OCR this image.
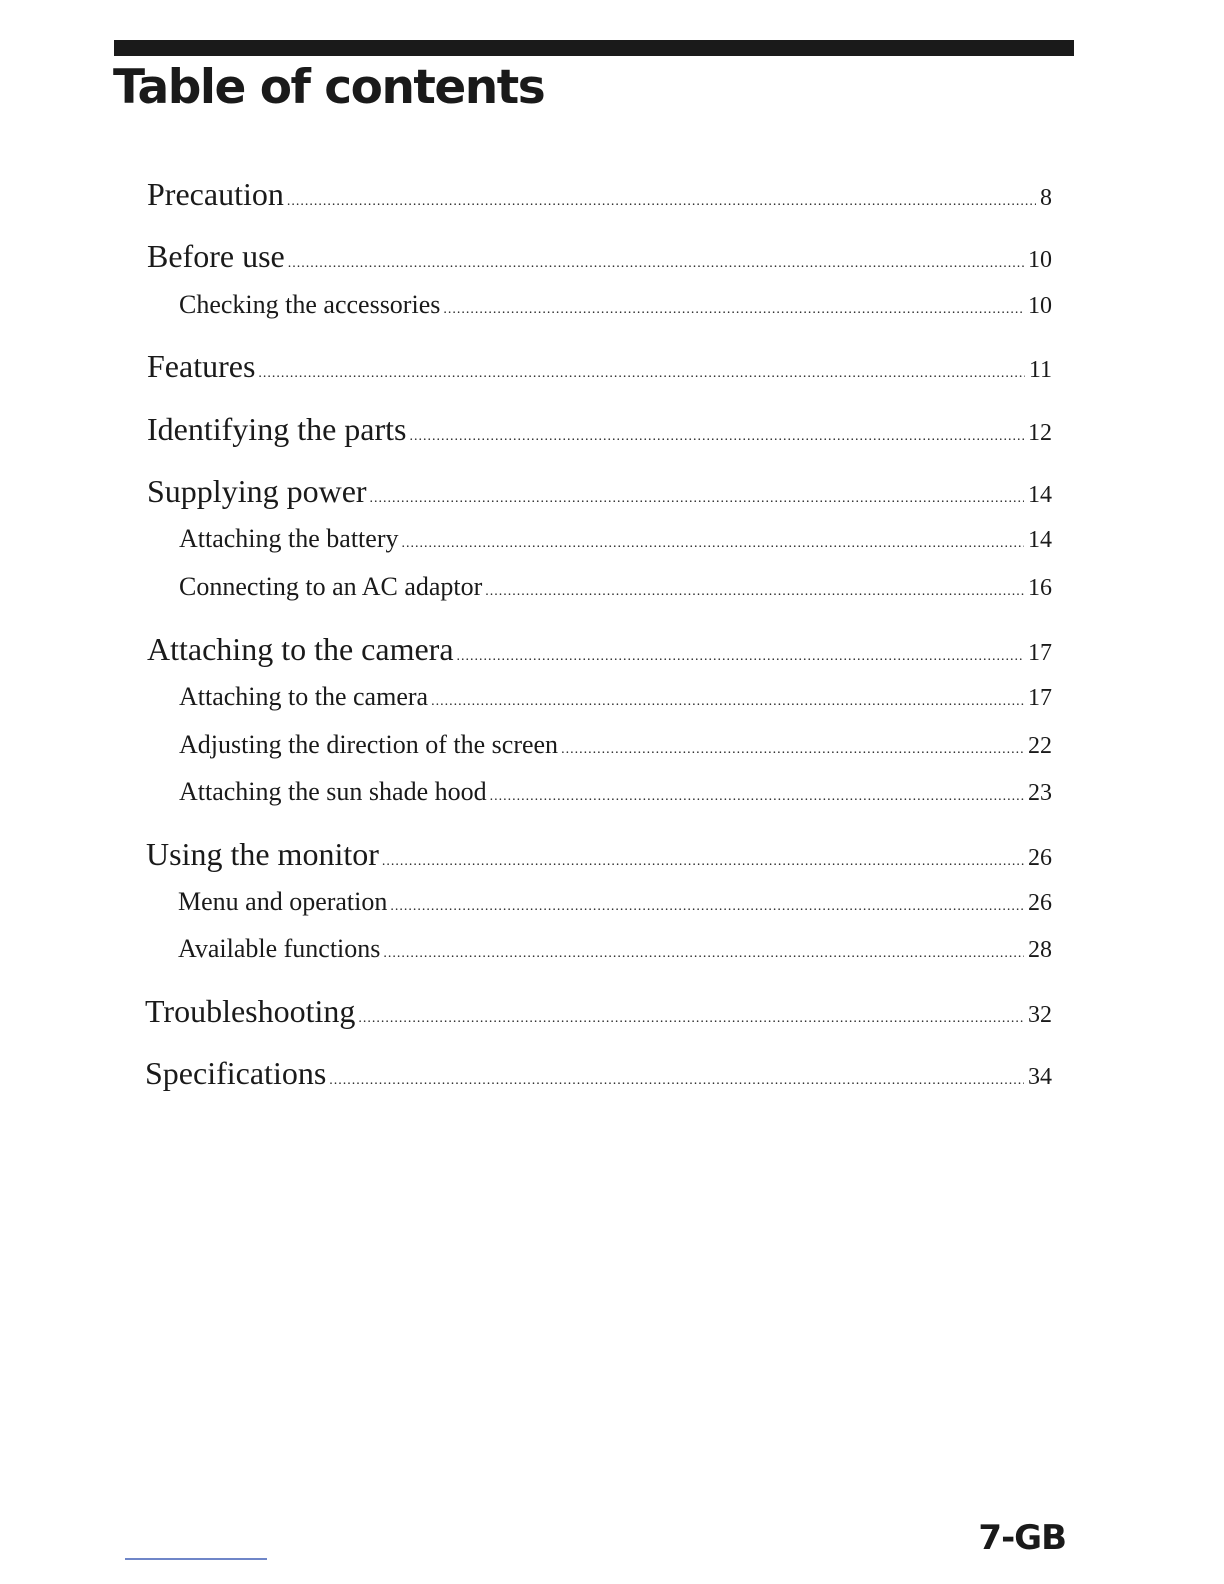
Table of contents
Precaution .....	8
Before use .....	10
Checking the accessories .....	10
Features .....	11
Identifying the parts .....	12
Supplying power .....	14
Attaching the battery .....	14
Connecting to an AC adaptor .....	16
Attaching to the camera .....	17
Attaching to the camera .....	17
Adjusting the direction of the screen .....	22
Attaching the sun shade hood .....	23
Using the monitor .....	26
Menu and operation .....	26
Available functions .....	28
Troubleshooting .....	32
Specifications .....	34
7-GB
